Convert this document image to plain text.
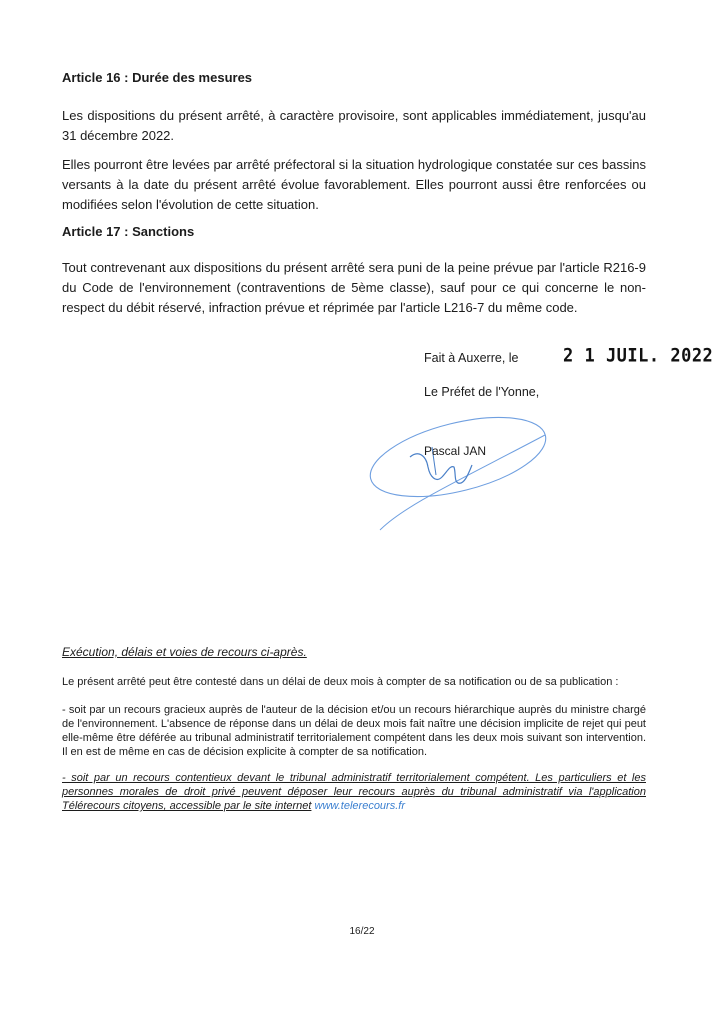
Article 16 : Durée des mesures

Les dispositions du présent arrêté, à caractère provisoire, sont applicables immédiatement, jusqu'au 31 décembre 2022.

Elles pourront être levées par arrêté préfectoral si la situation hydrologique constatée sur ces bassins versants à la date du présent arrêté évolue favorablement. Elles pourront aussi être renforcées ou modifiées selon l'évolution de cette situation.

Article 17 : Sanctions

Tout contrevenant aux dispositions du présent arrêté sera puni de la peine prévue par l'article R216-9 du Code de l'environnement (contraventions de 5ème classe), sauf pour ce qui concerne le non-respect du débit réservé, infraction prévue et réprimée par l'article L216-7 du même code.

Fait à Auxerre, le	2 1 JUIL. 2022
Le Préfet de l'Yonne,
Pascal JAN
Exécution, délais et voies de recours ci-après.

Le présent arrêté peut être contesté dans un délai de deux mois à compter de sa notification ou de sa publication :

- soit par un recours gracieux auprès de l'auteur de la décision et/ou un recours hiérarchique auprès du ministre chargé de l'environnement. L'absence de réponse dans un délai de deux mois fait naître une décision implicite de rejet qui peut elle-même être déférée au tribunal administratif territorialement compétent dans les deux mois suivant son intervention. Il en est de même en cas de décision explicite à compter de sa notification.

- soit par un recours contentieux devant le tribunal administratif territorialement compétent. Les particuliers et les personnes morales de droit privé peuvent déposer leur recours auprès du tribunal administratif via l'application Télérecours citoyens, accessible par le site internet www.telerecours.fr

16/22
